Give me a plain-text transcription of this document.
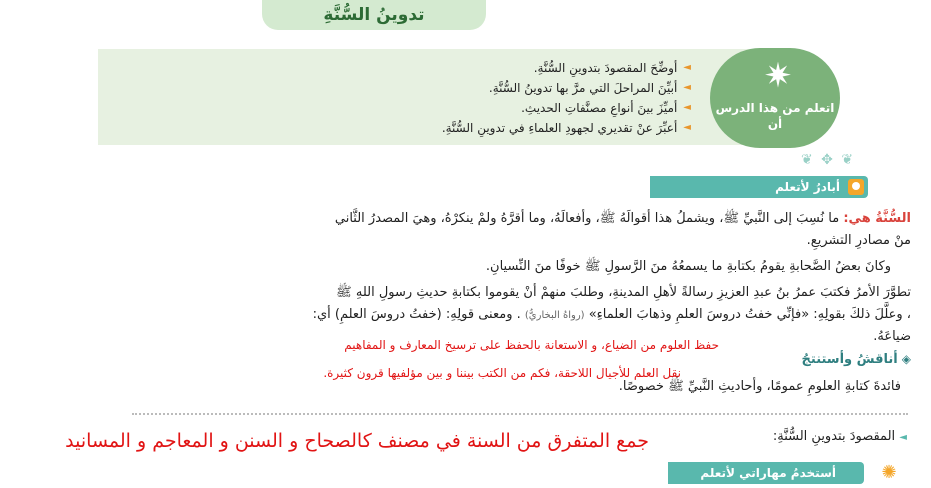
تدوينُ السُّنَّةِ
◄
أوضِّحَ المقصودَ بتدوينِ السُّنَّةِ.
◄
أبيِّنَ المراحلَ التي مرَّ بها تدوينُ السُّنَّةِ.
◄
أميِّزَ بينَ أنواعِ مصنَّفاتِ الحديثِ.
◄
أعبِّرَ عنْ تقديري لجهودِ العلماءِ في تدوينِ السُّنَّةِ.
✷
اتعلم من هذا الدرس أن
❦ ✥ ❦
أبادرُ لأتعلم
السُّنَّةُ هي: ما نُسِبَ إلى النَّبيِّ ﷺ، ويشملُ هذا أقوالَهُ ﷺ، وأفعالَهُ، وما أقرَّهُ ولمْ ينكرْهُ، وهيَ المصدرُ الثَّاني
منْ مصادرِ التشريعِ.
وكانَ بعضُ الصَّحابةِ يقومُ بكتابةِ ما يسمعُهُ منَ الرَّسولِ ﷺ خوفًا منَ النِّسيانِ.
تطوَّرَ الأمرُ فكتبَ عمرُ بنُ عبدِ العزيزِ رسالةً لأهلِ المدينةِ، وطلبَ منهمْ أنْ يقوموا بكتابةِ حديثِ رسولِ اللهِ ﷺ
، وعلَّلَ ذلكَ بقولِهِ: «فإنِّي خفتُ دروسَ العلمِ وذهابَ العلماءِ» (رواهُ البخاريُّ) . ومعنى قولِهِ: (خفتُ دروسَ العلمِ) أي:
ضياعَهُ.
حفظ العلوم من الضياع، و الاستعانة بالحفظ على ترسيخ المعارف و المفاهيم
◈أناقشُ وأستنتجُ
نقل العلم للأجيال اللاحقة، فكم من الكتب بيننا و بين مؤلفيها قرون كثيرة.
فائدةَ كتابةِ العلومِ عمومًا، وأحاديثِ النَّبيِّ ﷺ خصوصًا.
◄ المقصودَ بتدوينِ السُّنَّةِ:
جمع المتفرق من السنة في مصنف كالصحاح و السنن و المعاجم و المسانيد
أستخدمُ مهاراتي لأتعلم	✺
